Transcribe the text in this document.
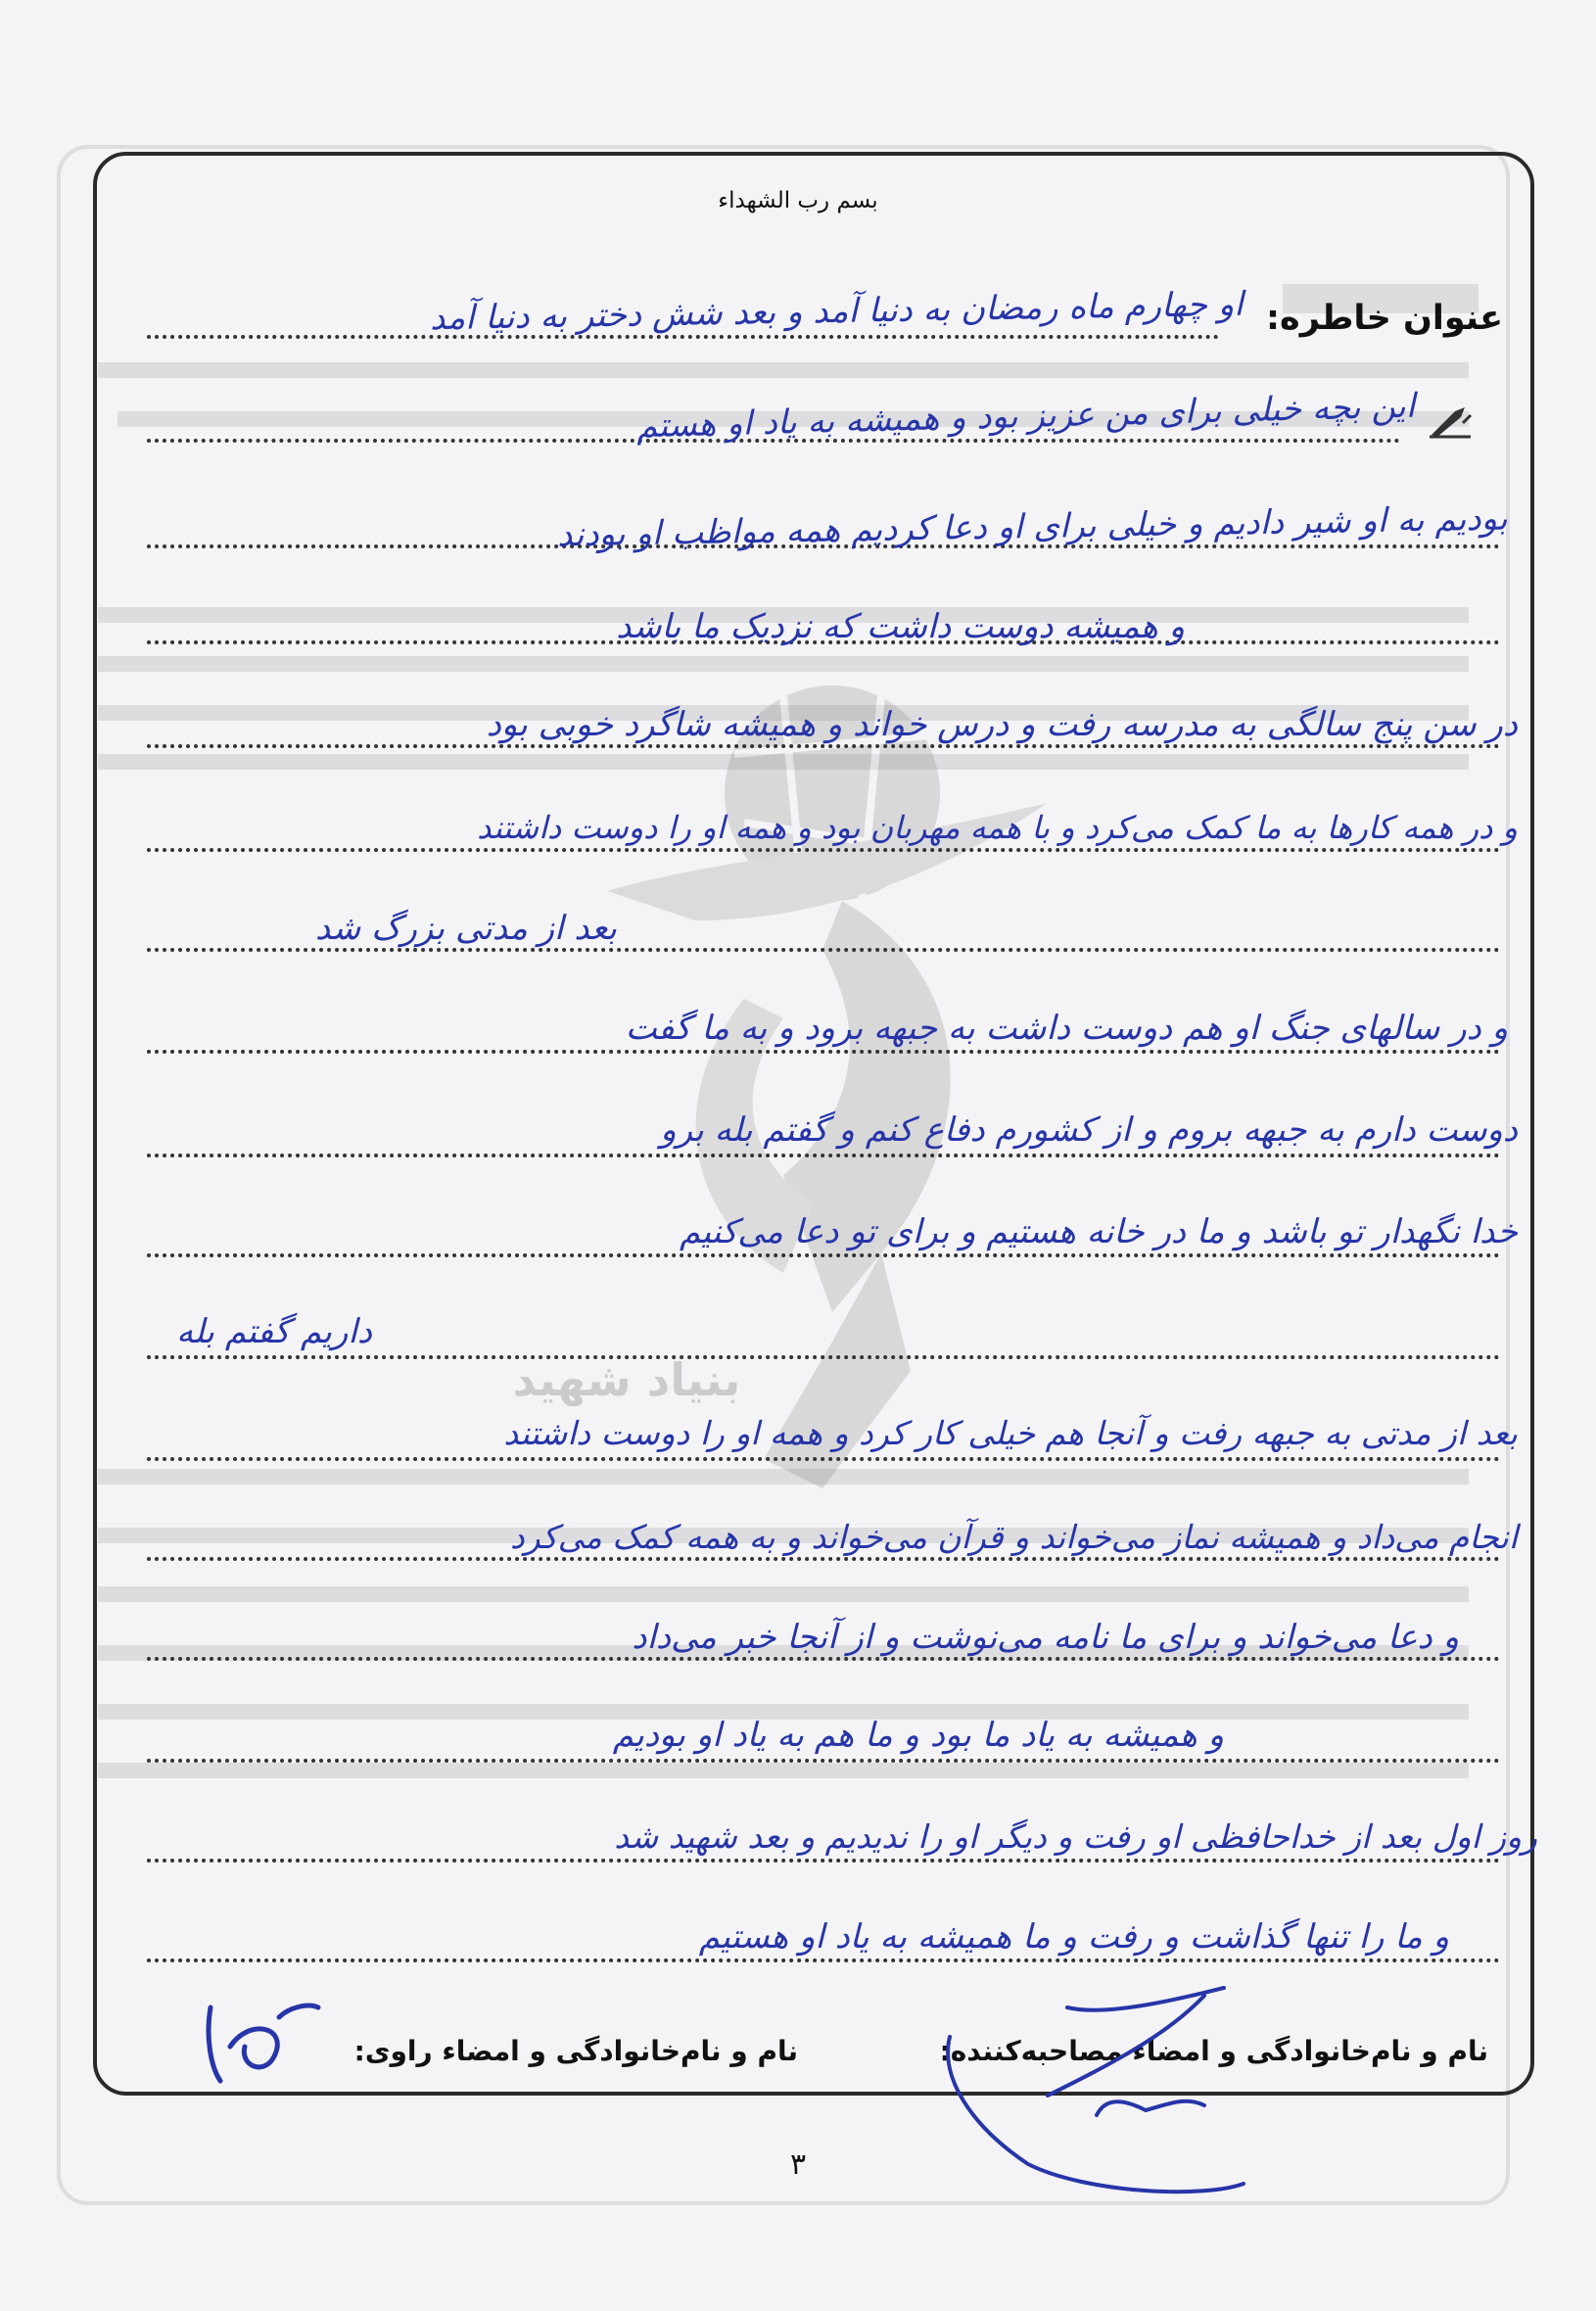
بسم رب الشهداء
عنوان خاطره:
بنیاد شهید
او چهارم ماه رمضان به دنیا آمد و بعد شش دختر به دنیا آمد
این بچه خیلی برای من عزیز بود و همیشه به یاد او هستم
بودیم به او شیر دادیم و خیلی برای او دعا کردیم همه مواظب او بودند
و همیشه دوست داشت که نزدیک ما باشد
در سن پنج سالگی به مدرسه رفت و درس خواند و همیشه شاگرد خوبی بود
و در همه کارها به ما کمک می‌کرد و با همه مهربان بود و همه او را دوست داشتند
بعد از مدتی بزرگ شد
و در سالهای جنگ او هم دوست داشت به جبهه برود و به ما گفت
دوست دارم به جبهه بروم و از کشورم دفاع کنم و گفتم بله برو
خدا نگهدار تو باشد و ما در خانه هستیم و برای تو دعا می‌کنیم
داریم گفتم بله
بعد از مدتی به جبهه رفت و آنجا هم خیلی کار کرد و همه او را دوست داشتند
انجام می‌داد و همیشه نماز می‌خواند و قرآن می‌خواند و به همه کمک می‌کرد
و دعا می‌خواند و برای ما نامه می‌نوشت و از آنجا خبر می‌داد
و همیشه به یاد ما بود و ما هم به یاد او بودیم
روز اول بعد از خداحافظی او رفت و دیگر او را ندیدیم و بعد شهید شد
و ما را تنها گذاشت و رفت و ما همیشه به یاد او هستیم
نام و نام‌خانوادگی و امضاء مصاحبه‌کننده:
نام و نام‌خانوادگی و امضاء راوی:
۳
